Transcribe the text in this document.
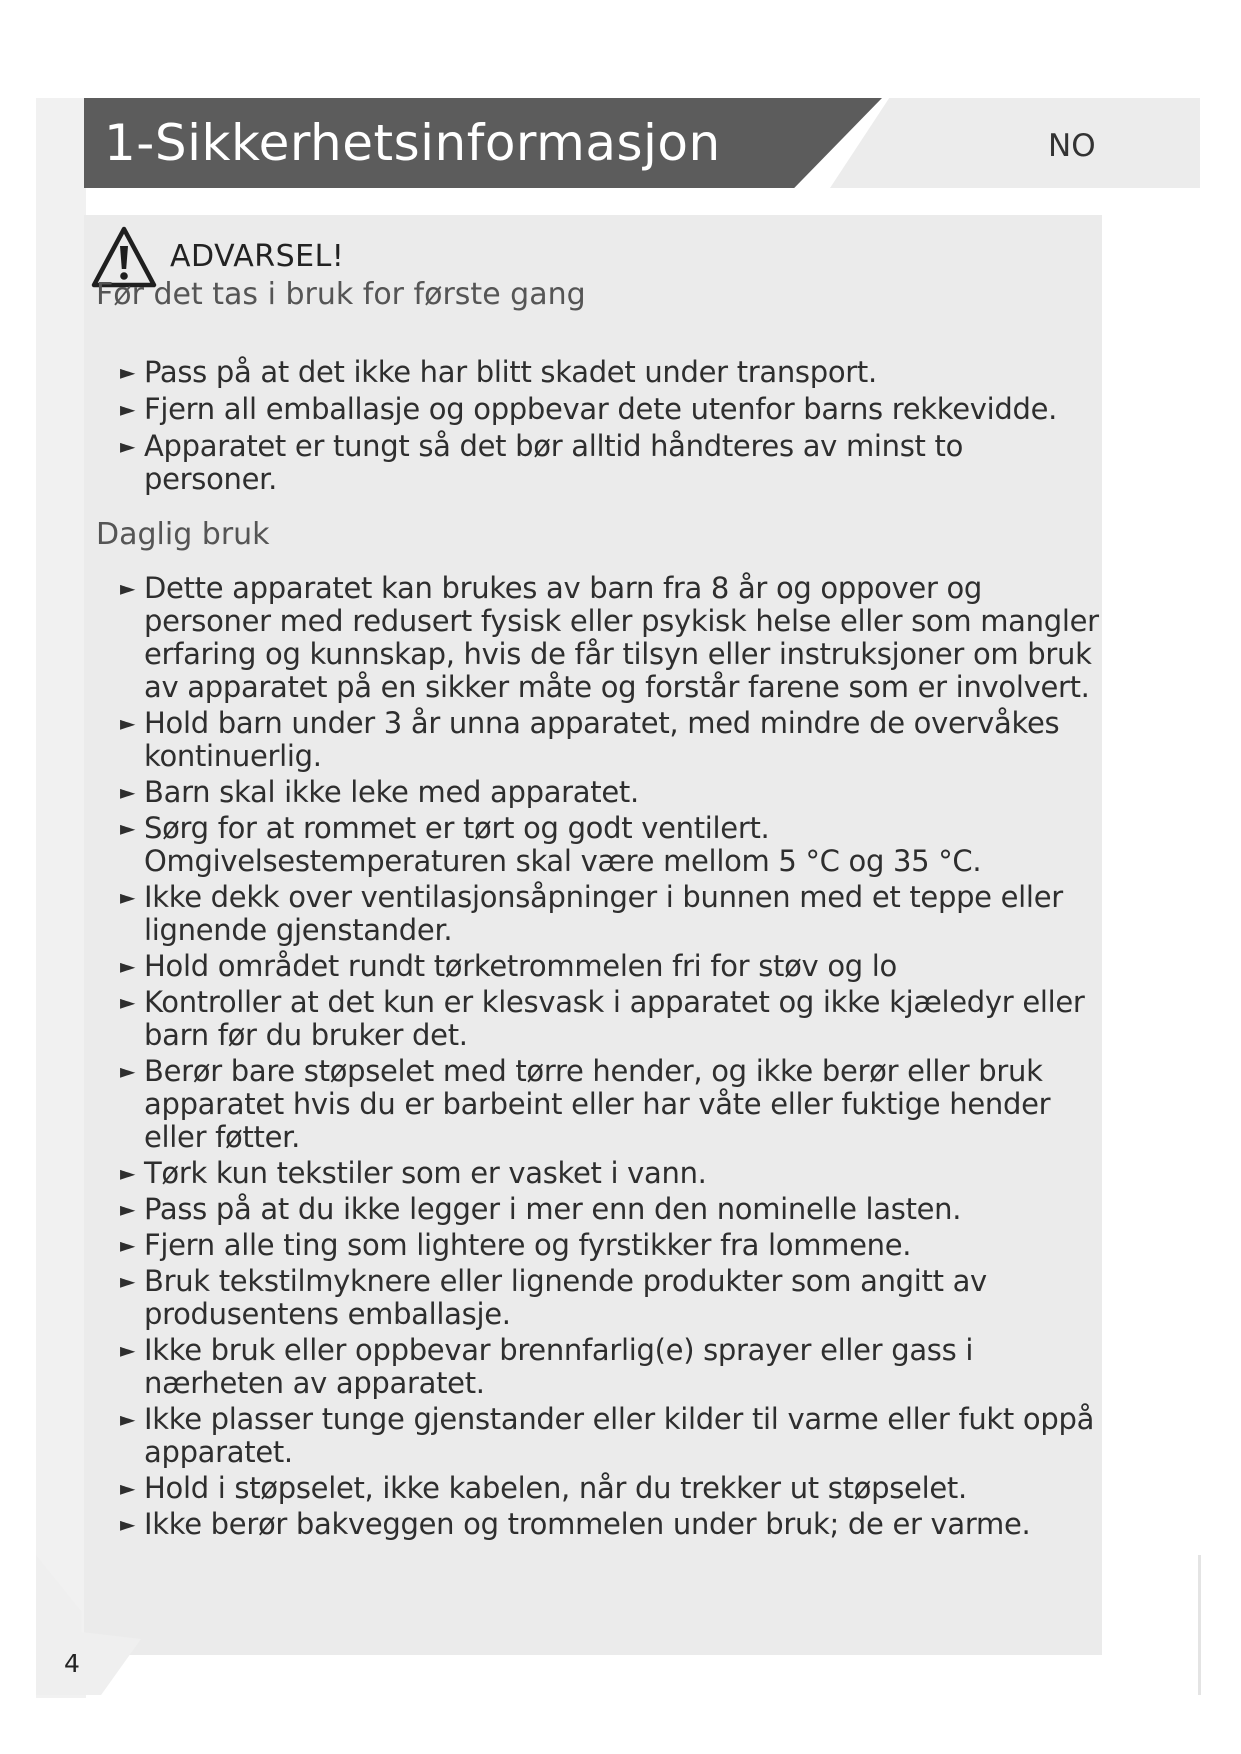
1-Sikkerhetsinformasjon	NO
ADVARSEL!
Før det tas i bruk for første gang
► Pass på at det ikke har blitt skadet under transport.
► Fjern all emballasje og oppbevar dete utenfor barns rekkevidde.
► Apparatet er tungt så det bør alltid håndteres av minst to personer.
Daglig bruk
► Dette apparatet kan brukes av barn fra 8 år og oppover og personer med redusert fysisk eller psykisk helse eller som mangler erfaring og kunnskap, hvis de får tilsyn eller instruksjoner om bruk av apparatet på en sikker måte og forstår farene som er involvert.
► Hold barn under 3 år unna apparatet, med mindre de overvåkes kontinuerlig.
► Barn skal ikke leke med apparatet.
► Sørg for at rommet er tørt og godt ventilert. Omgivelsestemperaturen skal være mellom 5 °C og 35 °C.
► Ikke dekk over ventilasjonsåpninger i bunnen med et teppe eller lignende gjenstander.
► Hold området rundt tørketrommelen fri for støv og lo
► Kontroller at det kun er klesvask i apparatet og ikke kjæledyr eller barn før du bruker det.
► Berør bare støpselet med tørre hender, og ikke berør eller bruk apparatet hvis du er barbeint eller har våte eller fuktige hender eller føtter.
► Tørk kun tekstiler som er vasket i vann.
► Pass på at du ikke legger i mer enn den nominelle lasten.
► Fjern alle ting som lightere og fyrstikker fra lommene.
► Bruk tekstilmyknere eller lignende produkter som angitt av produsentens emballasje.
► Ikke bruk eller oppbevar brennfarlig(e) sprayer eller gass i nærheten av apparatet.
► Ikke plasser tunge gjenstander eller kilder til varme eller fukt oppå apparatet.
► Hold i støpselet, ikke kabelen, når du trekker ut støpselet.
► Ikke berør bakveggen og trommelen under bruk; de er varme.
4
